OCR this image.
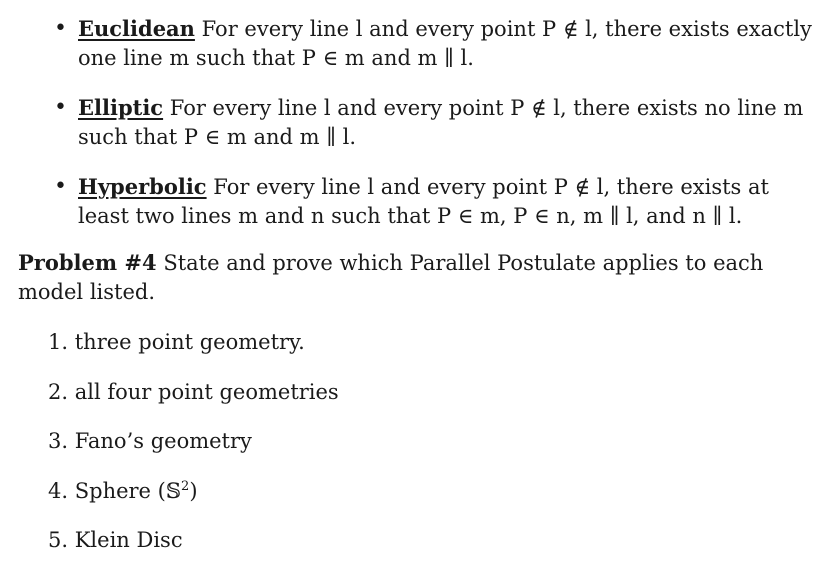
• Euclidean For every line l and every point P ∉ l, there exists exactly one line m such that P ∈ m and m ∥ l.
• Elliptic For every line l and every point P ∉ l, there exists no line m such that P ∈ m and m ∥ l.
• Hyperbolic For every line l and every point P ∉ l, there exists at least two lines m and n such that P ∈ m, P ∈ n, m ∥ l, and n ∥ l.
Problem #4 State and prove which Parallel Postulate applies to each model listed.
1. three point geometry.
2. all four point geometries
3. Fano’s geometry
4. Sphere (𝕊$^2$)
5. Klein Disc
